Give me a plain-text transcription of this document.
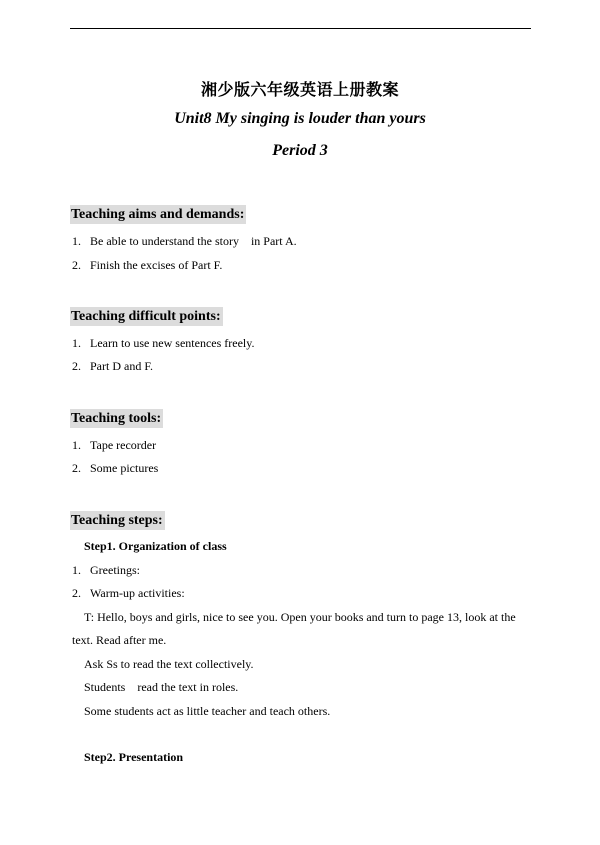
湘少版六年级英语上册教案
Unit8 My singing is louder than yours
Period 3
Teaching aims and demands:
1. Be able to understand the story    in Part A.
2. Finish the excises of Part F.
Teaching difficult points:
1. Learn to use new sentences freely.
2. Part D and F.
Teaching tools:
1. Tape recorder
2. Some pictures
Teaching steps:
Step1. Organization of class
1. Greetings:
2. Warm-up activities:
T: Hello, boys and girls, nice to see you. Open your books and turn to page 13, look at the
text. Read after me.
Ask Ss to read the text collectively.
Students    read the text in roles.
Some students act as little teacher and teach others.
Step2. Presentation
